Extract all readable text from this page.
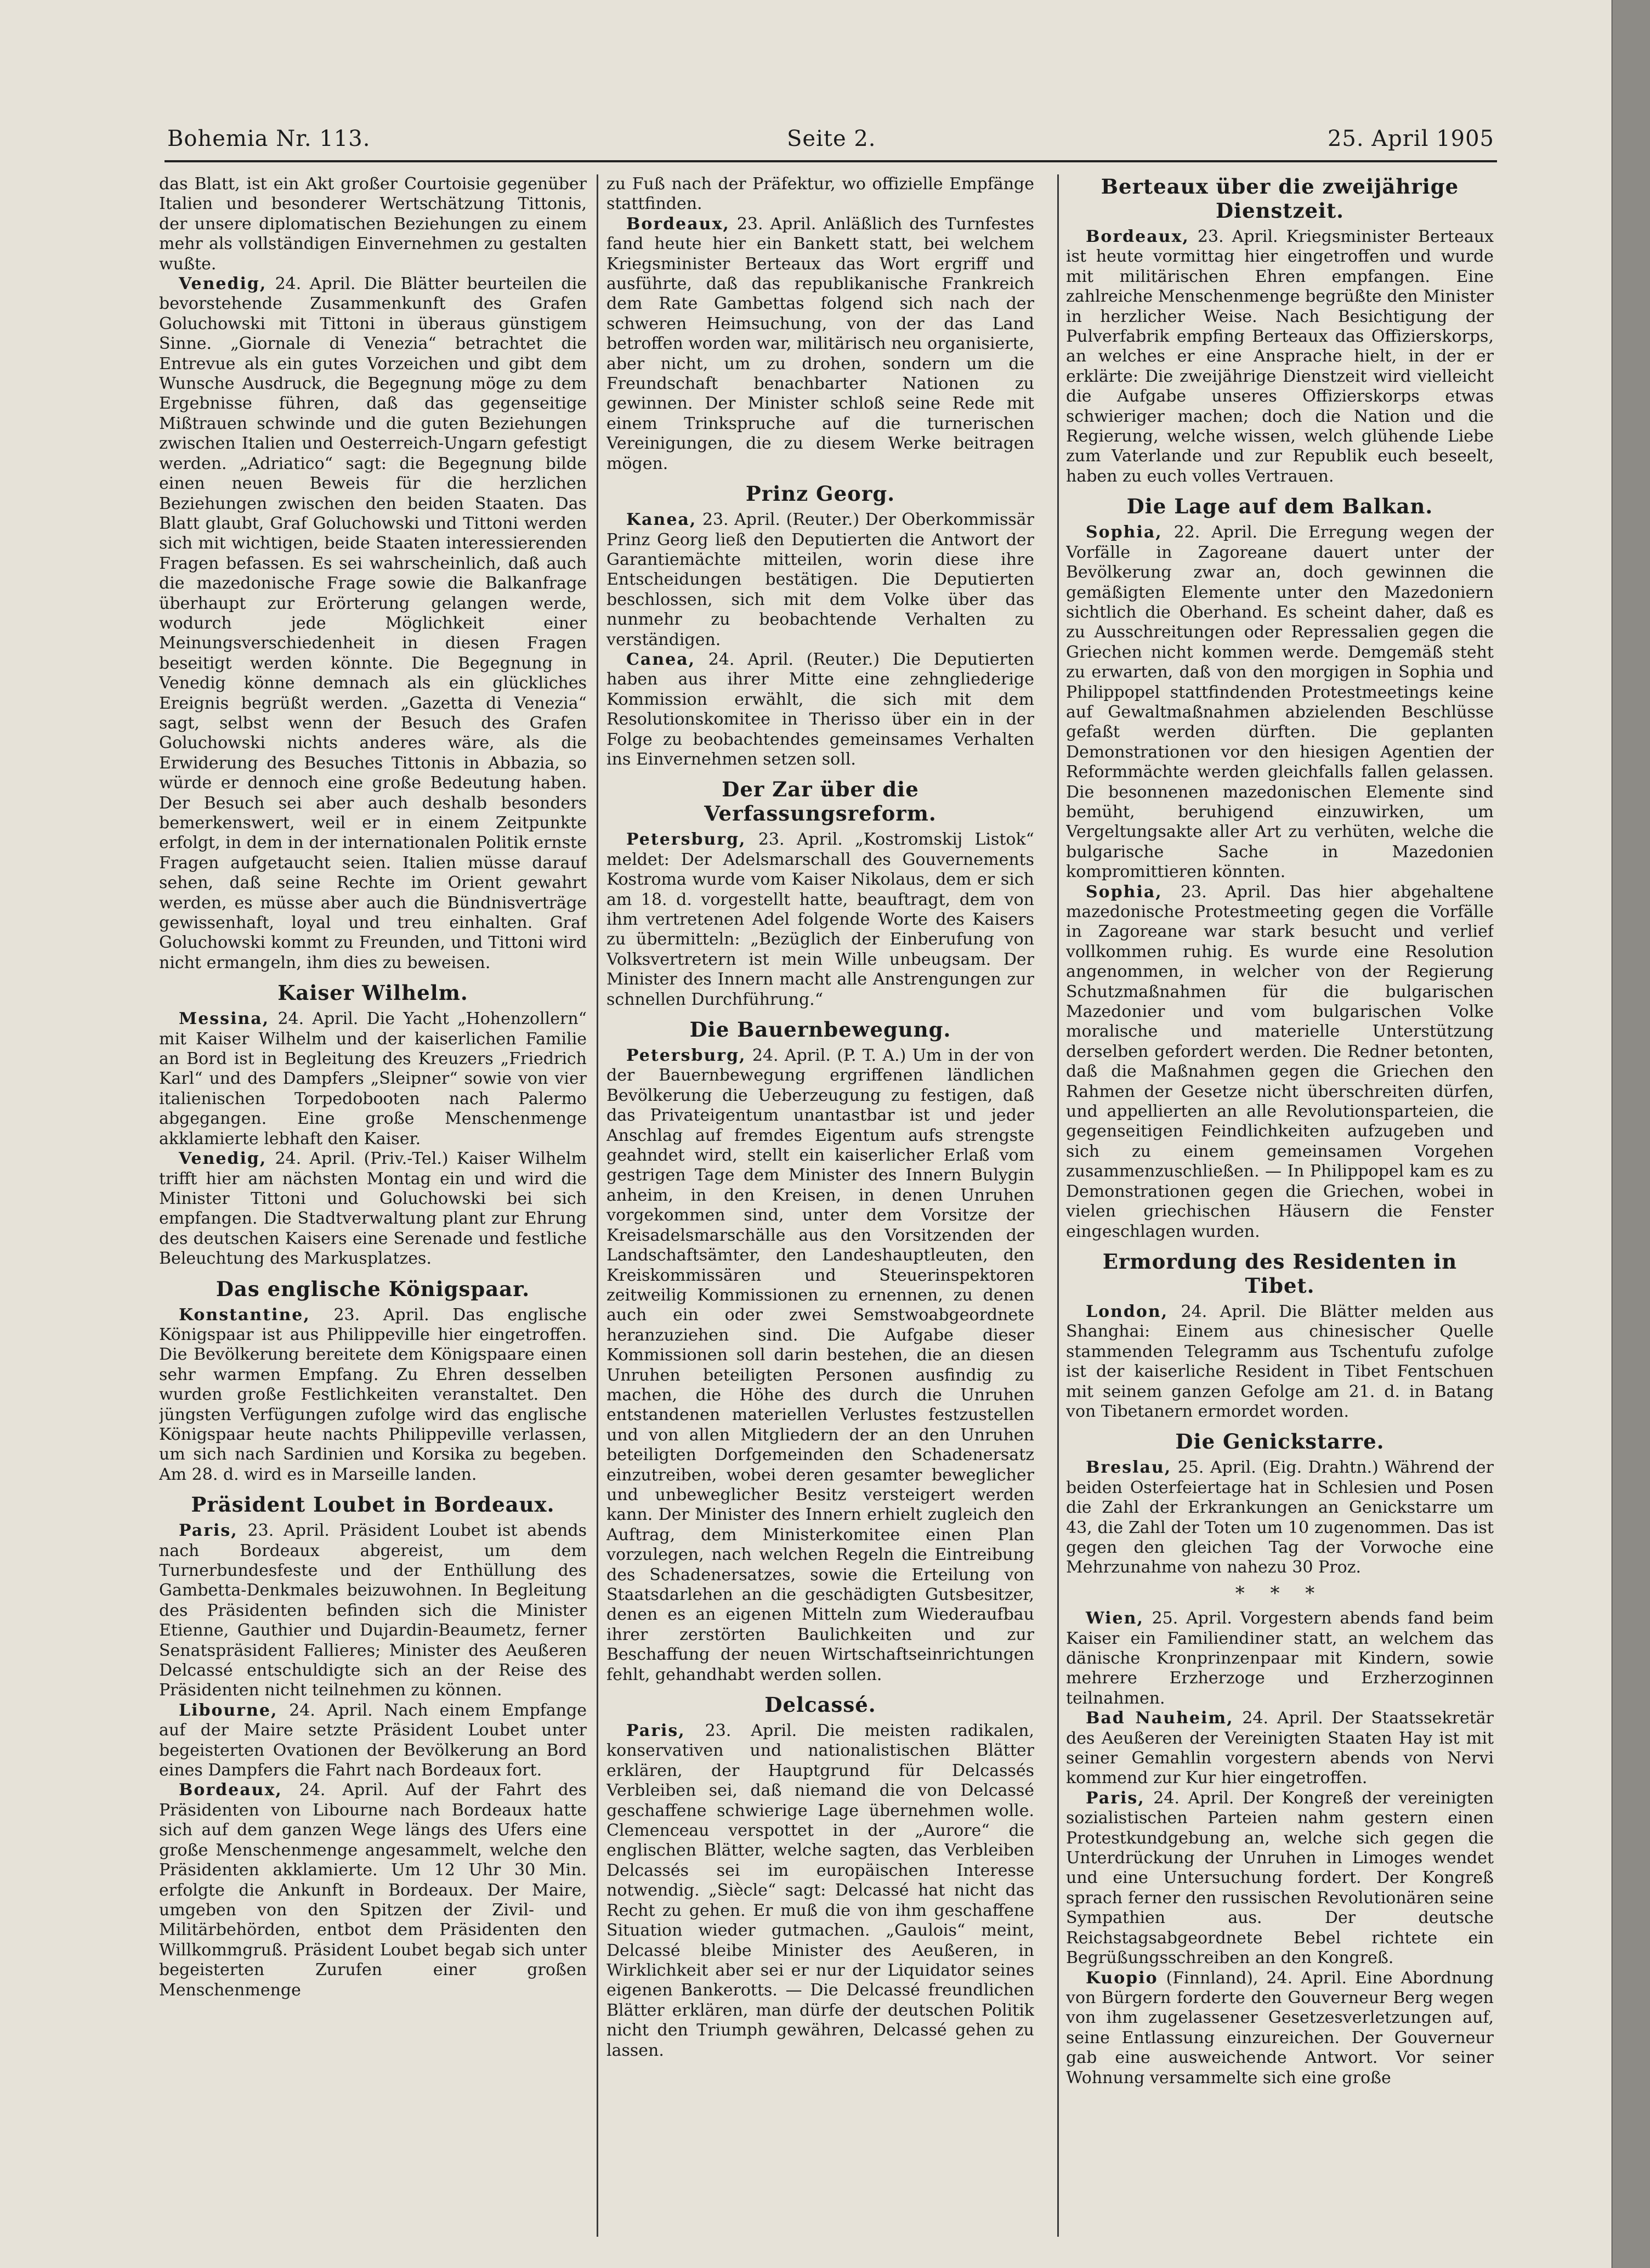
Bohemia Nr. 113.	Seite 2.	25. April 1905

das Blatt, ist ein Akt großer Courtoisie gegenüber Italien und besonderer Wertschätzung Tittonis, der unsere diplomatischen Beziehungen zu einem mehr als vollständigen Einvernehmen zu gestalten wußte.

Venedig, 24. April. Die Blätter beurteilen die bevorstehende Zusammenkunft des Grafen Goluchowski mit Tittoni in überaus günstigem Sinne. „Giornale di Venezia“ betrachtet die Entrevue als ein gutes Vorzeichen und gibt dem Wunsche Ausdruck, die Begegnung möge zu dem Ergebnisse führen, daß das gegenseitige Mißtrauen schwinde und die guten Beziehungen zwischen Italien und Oesterreich-Ungarn gefestigt werden. „Adriatico“ sagt: die Begegnung bilde einen neuen Beweis für die herzlichen Beziehungen zwischen den beiden Staaten. Das Blatt glaubt, Graf Goluchowski und Tittoni werden sich mit wichtigen, beide Staaten interessierenden Fragen befassen. Es sei wahrscheinlich, daß auch die mazedonische Frage sowie die Balkanfrage überhaupt zur Erörterung gelangen werde, wodurch jede Möglichkeit einer Meinungsverschiedenheit in diesen Fragen beseitigt werden könnte. Die Begegnung in Venedig könne demnach als ein glückliches Ereignis begrüßt werden. „Gazetta di Venezia“ sagt, selbst wenn der Besuch des Grafen Goluchowski nichts anderes wäre, als die Erwiderung des Besuches Tittonis in Abbazia, so würde er dennoch eine große Bedeutung haben. Der Besuch sei aber auch deshalb besonders bemerkenswert, weil er in einem Zeitpunkte erfolgt, in dem in der internationalen Politik ernste Fragen aufgetaucht seien. Italien müsse darauf sehen, daß seine Rechte im Orient gewahrt werden, es müsse aber auch die Bündnisverträge gewissenhaft, loyal und treu einhalten. Graf Goluchowski kommt zu Freunden, und Tittoni wird nicht ermangeln, ihm dies zu beweisen.

Kaiser Wilhelm.

Messina, 24. April. Die Yacht „Hohenzollern“ mit Kaiser Wilhelm und der kaiserlichen Familie an Bord ist in Begleitung des Kreuzers „Friedrich Karl“ und des Dampfers „Sleipner“ sowie von vier italienischen Torpedobooten nach Palermo abgegangen. Eine große Menschenmenge akklamierte lebhaft den Kaiser.

Venedig, 24. April. (Priv.-Tel.) Kaiser Wilhelm trifft hier am nächsten Montag ein und wird die Minister Tittoni und Goluchowski bei sich empfangen. Die Stadtverwaltung plant zur Ehrung des deutschen Kaisers eine Serenade und festliche Beleuchtung des Markusplatzes.

Das englische Königspaar.

Konstantine, 23. April. Das englische Königspaar ist aus Philippeville hier eingetroffen. Die Bevölkerung bereitete dem Königspaare einen sehr warmen Empfang. Zu Ehren desselben wurden große Festlichkeiten veranstaltet. Den jüngsten Verfügungen zufolge wird das englische Königspaar heute nachts Philippeville verlassen, um sich nach Sardinien und Korsika zu begeben. Am 28. d. wird es in Marseille landen.

Präsident Loubet in Bordeaux.

Paris, 23. April. Präsident Loubet ist abends nach Bordeaux abgereist, um dem Turnerbundesfeste und der Enthüllung des Gambetta-Denkmales beizuwohnen. In Begleitung des Präsidenten befinden sich die Minister Etienne, Gauthier und Dujardin-Beaumetz, ferner Senatspräsident Fallieres; Minister des Aeußeren Delcassé entschuldigte sich an der Reise des Präsidenten nicht teilnehmen zu können.

Libourne, 24. April. Nach einem Empfange auf der Maire setzte Präsident Loubet unter begeisterten Ovationen der Bevölkerung an Bord eines Dampfers die Fahrt nach Bordeaux fort.

Bordeaux, 24. April. Auf der Fahrt des Präsidenten von Libourne nach Bordeaux hatte sich auf dem ganzen Wege längs des Ufers eine große Menschenmenge angesammelt, welche den Präsidenten akklamierte. Um 12 Uhr 30 Min. erfolgte die Ankunft in Bordeaux. Der Maire, umgeben von den Spitzen der Zivil- und Militärbehörden, entbot dem Präsidenten den Willkommgruß. Präsident Loubet begab sich unter begeisterten Zurufen einer großen Menschenmenge

zu Fuß nach der Präfektur, wo offizielle Empfänge stattfinden.

Bordeaux, 23. April. Anläßlich des Turnfestes fand heute hier ein Bankett statt, bei welchem Kriegsminister Berteaux das Wort ergriff und ausführte, daß das republikanische Frankreich dem Rate Gambettas folgend sich nach der schweren Heimsuchung, von der das Land betroffen worden war, militärisch neu organisierte, aber nicht, um zu drohen, sondern um die Freundschaft benachbarter Nationen zu gewinnen. Der Minister schloß seine Rede mit einem Trinkspruche auf die turnerischen Vereinigungen, die zu diesem Werke beitragen mögen.

Prinz Georg.

Kanea, 23. April. (Reuter.) Der Oberkommissär Prinz Georg ließ den Deputierten die Antwort der Garantiemächte mitteilen, worin diese ihre Entscheidungen bestätigen. Die Deputierten beschlossen, sich mit dem Volke über das nunmehr zu beobachtende Verhalten zu verständigen.

Canea, 24. April. (Reuter.) Die Deputierten haben aus ihrer Mitte eine zehngliederige Kommission erwählt, die sich mit dem Resolutionskomitee in Therisso über ein in der Folge zu beobachtendes gemeinsames Verhalten ins Einvernehmen setzen soll.

Der Zar über die Verfassungsreform.

Petersburg, 23. April. „Kostromskij Listok“ meldet: Der Adelsmarschall des Gouvernements Kostroma wurde vom Kaiser Nikolaus, dem er sich am 18. d. vorgestellt hatte, beauftragt, dem von ihm vertretenen Adel folgende Worte des Kaisers zu übermitteln: „Bezüglich der Einberufung von Volksvertretern ist mein Wille unbeugsam. Der Minister des Innern macht alle Anstrengungen zur schnellen Durchführung.“

Die Bauernbewegung.

Petersburg, 24. April. (P. T. A.) Um in der von der Bauernbewegung ergriffenen ländlichen Bevölkerung die Ueberzeugung zu festigen, daß das Privateigentum unantastbar ist und jeder Anschlag auf fremdes Eigentum aufs strengste geahndet wird, stellt ein kaiserlicher Erlaß vom gestrigen Tage dem Minister des Innern Bulygin anheim, in den Kreisen, in denen Unruhen vorgekommen sind, unter dem Vorsitze der Kreisadelsmarschälle aus den Vorsitzenden der Landschaftsämter, den Landeshauptleuten, den Kreiskommissären und Steuerinspektoren zeitweilig Kommissionen zu ernennen, zu denen auch ein oder zwei Semstwoabgeordnete heranzuziehen sind. Die Aufgabe dieser Kommissionen soll darin bestehen, die an diesen Unruhen beteiligten Personen ausfindig zu machen, die Höhe des durch die Unruhen entstandenen materiellen Verlustes festzustellen und von allen Mitgliedern der an den Unruhen beteiligten Dorfgemeinden den Schadenersatz einzutreiben, wobei deren gesamter beweglicher und unbeweglicher Besitz versteigert werden kann. Der Minister des Innern erhielt zugleich den Auftrag, dem Ministerkomitee einen Plan vorzulegen, nach welchen Regeln die Eintreibung des Schadenersatzes, sowie die Erteilung von Staatsdarlehen an die geschädigten Gutsbesitzer, denen es an eigenen Mitteln zum Wiederaufbau ihrer zerstörten Baulichkeiten und zur Beschaffung der neuen Wirtschaftseinrichtungen fehlt, gehandhabt werden sollen.

Delcassé.

Paris, 23. April. Die meisten radikalen, konservativen und nationalistischen Blätter erklären, der Hauptgrund für Delcassés Verbleiben sei, daß niemand die von Delcassé geschaffene schwierige Lage übernehmen wolle. Clemenceau verspottet in der „Aurore“ die englischen Blätter, welche sagten, das Verbleiben Delcassés sei im europäischen Interesse notwendig. „Siècle“ sagt: Delcassé hat nicht das Recht zu gehen. Er muß die von ihm geschaffene Situation wieder gutmachen. „Gaulois“ meint, Delcassé bleibe Minister des Aeußeren, in Wirklichkeit aber sei er nur der Liquidator seines eigenen Bankerotts. — Die Delcassé freundlichen Blätter erklären, man dürfe der deutschen Politik nicht den Triumph gewähren, Delcassé gehen zu lassen.

Berteaux über die zweijährige Dienstzeit.

Bordeaux, 23. April. Kriegsminister Berteaux ist heute vormittag hier eingetroffen und wurde mit militärischen Ehren empfangen. Eine zahlreiche Menschenmenge begrüßte den Minister in herzlicher Weise. Nach Besichtigung der Pulverfabrik empfing Berteaux das Offizierskorps, an welches er eine Ansprache hielt, in der er erklärte: Die zweijährige Dienstzeit wird vielleicht die Aufgabe unseres Offizierskorps etwas schwieriger machen; doch die Nation und die Regierung, welche wissen, welch glühende Liebe zum Vaterlande und zur Republik euch beseelt, haben zu euch volles Vertrauen.

Die Lage auf dem Balkan.

Sophia, 22. April. Die Erregung wegen der Vorfälle in Zagoreane dauert unter der Bevölkerung zwar an, doch gewinnen die gemäßigten Elemente unter den Mazedoniern sichtlich die Oberhand. Es scheint daher, daß es zu Ausschreitungen oder Repressalien gegen die Griechen nicht kommen werde. Demgemäß steht zu erwarten, daß von den morgigen in Sophia und Philippopel stattfindenden Protestmeetings keine auf Gewaltmaßnahmen abzielenden Beschlüsse gefaßt werden dürften. Die geplanten Demonstrationen vor den hiesigen Agentien der Reformmächte werden gleichfalls fallen gelassen. Die besonnenen mazedonischen Elemente sind bemüht, beruhigend einzuwirken, um Vergeltungsakte aller Art zu verhüten, welche die bulgarische Sache in Mazedonien kompromittieren könnten.

Sophia, 23. April. Das hier abgehaltene mazedonische Protestmeeting gegen die Vorfälle in Zagoreane war stark besucht und verlief vollkommen ruhig. Es wurde eine Resolution angenommen, in welcher von der Regierung Schutzmaßnahmen für die bulgarischen Mazedonier und vom bulgarischen Volke moralische und materielle Unterstützung derselben gefordert werden. Die Redner betonten, daß die Maßnahmen gegen die Griechen den Rahmen der Gesetze nicht überschreiten dürfen, und appellierten an alle Revolutionsparteien, die gegenseitigen Feindlichkeiten aufzugeben und sich zu einem gemeinsamen Vorgehen zusammenzuschließen. — In Philippopel kam es zu Demonstrationen gegen die Griechen, wobei in vielen griechischen Häusern die Fenster eingeschlagen wurden.

Ermordung des Residenten in Tibet.

London, 24. April. Die Blätter melden aus Shanghai: Einem aus chinesischer Quelle stammenden Telegramm aus Tschentufu zufolge ist der kaiserliche Resident in Tibet Fentschuen mit seinem ganzen Gefolge am 21. d. in Batang von Tibetanern ermordet worden.

Die Genickstarre.

Breslau, 25. April. (Eig. Drahtn.) Während der beiden Osterfeiertage hat in Schlesien und Posen die Zahl der Erkrankungen an Genickstarre um 43, die Zahl der Toten um 10 zugenommen. Das ist gegen den gleichen Tag der Vorwoche eine Mehrzunahme von nahezu 30 Proz.

* * *

Wien, 25. April. Vorgestern abends fand beim Kaiser ein Familiendiner statt, an welchem das dänische Kronprinzenpaar mit Kindern, sowie mehrere Erzherzoge und Erzherzoginnen teilnahmen.

Bad Nauheim, 24. April. Der Staatssekretär des Aeußeren der Vereinigten Staaten Hay ist mit seiner Gemahlin vorgestern abends von Nervi kommend zur Kur hier eingetroffen.

Paris, 24. April. Der Kongreß der vereinigten sozialistischen Parteien nahm gestern einen Protestkundgebung an, welche sich gegen die Unterdrückung der Unruhen in Limoges wendet und eine Untersuchung fordert. Der Kongreß sprach ferner den russischen Revolutionären seine Sympathien aus. Der deutsche Reichstagsabgeordnete Bebel richtete ein Begrüßungsschreiben an den Kongreß.

Kuopio (Finnland), 24. April. Eine Abordnung von Bürgern forderte den Gouverneur Berg wegen von ihm zugelassener Gesetzesverletzungen auf, seine Entlassung einzureichen. Der Gouverneur gab eine ausweichende Antwort. Vor seiner Wohnung versammelte sich eine große
